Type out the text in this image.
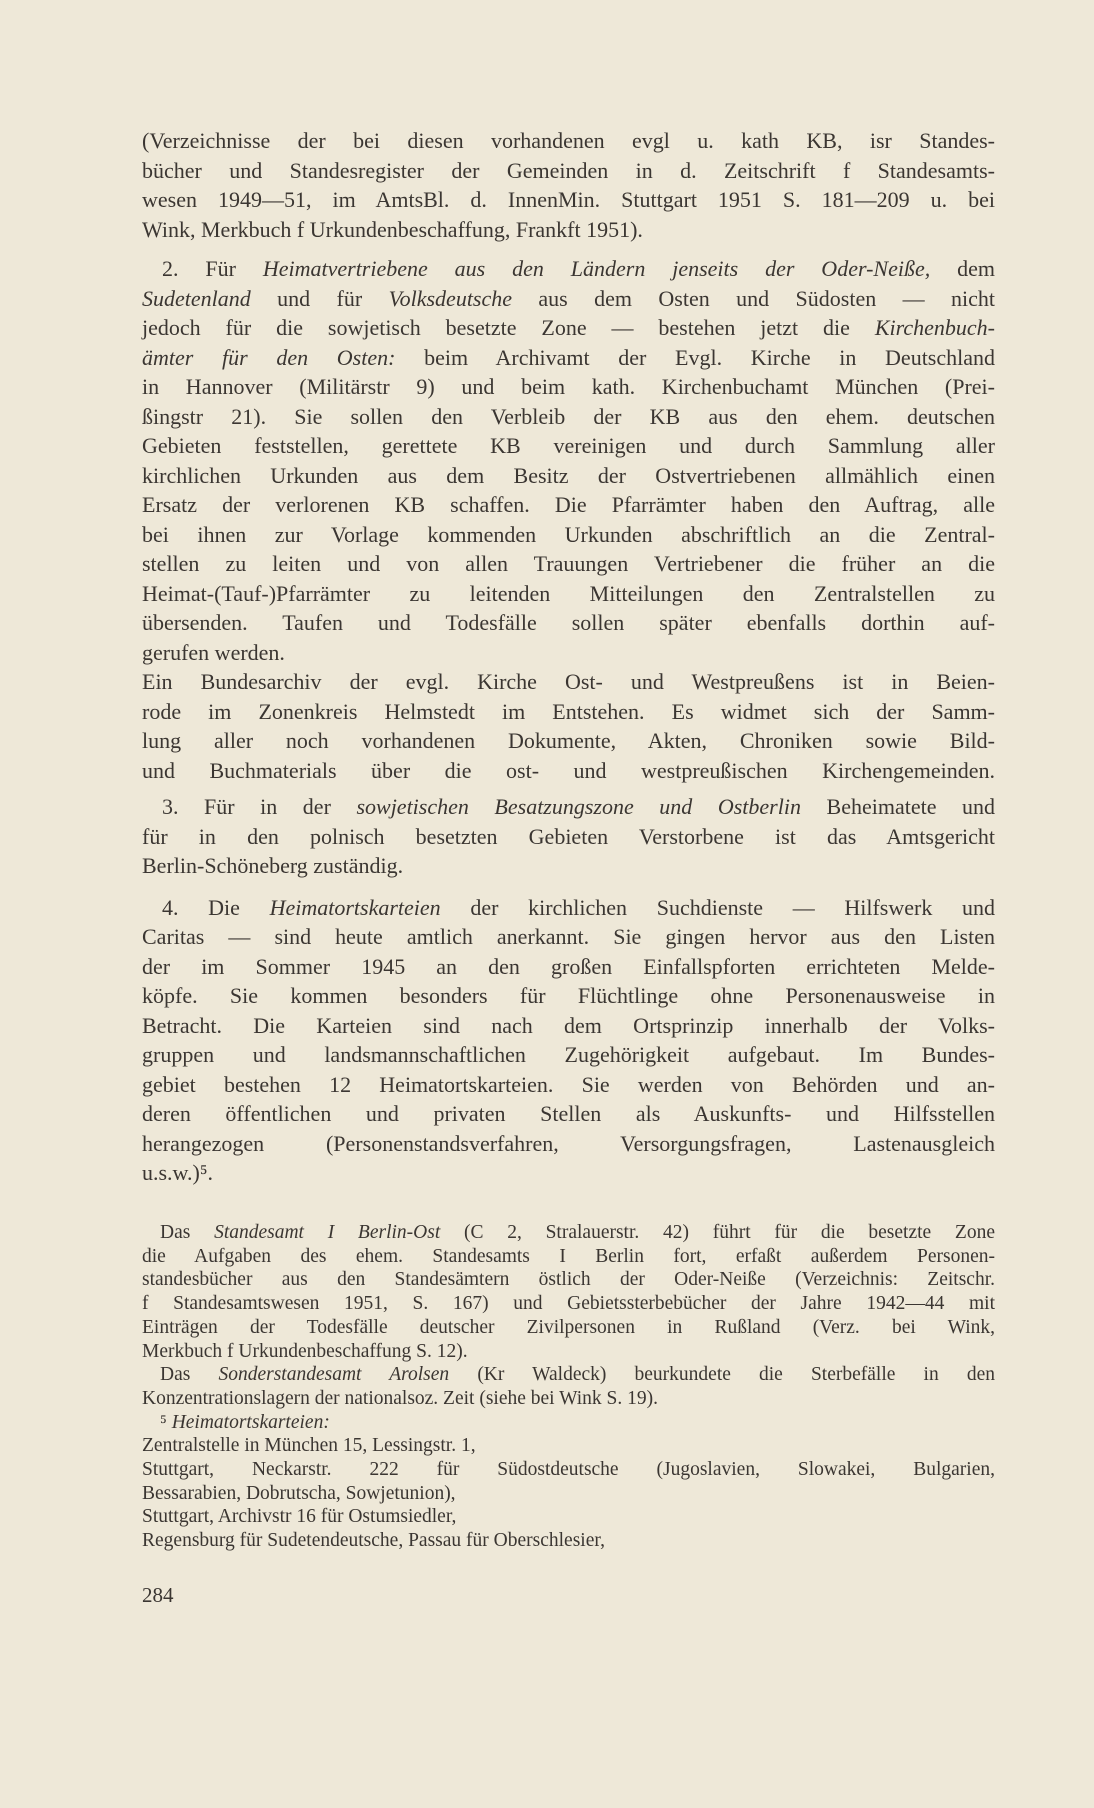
(Verzeichnisse der bei diesen vorhandenen evgl u. kath KB, isr Standes-
bücher und Standesregister der Gemeinden in d. Zeitschrift f Standesamts-
wesen 1949—51, im AmtsBl. d. InnenMin. Stuttgart 1951 S. 181—209 u. bei
Wink, Merkbuch f Urkundenbeschaffung, Frankft 1951).
2. Für Heimatvertriebene aus den Ländern jenseits der Oder-Neiße, dem
Sudetenland und für Volksdeutsche aus dem Osten und Südosten — nicht
jedoch für die sowjetisch besetzte Zone — bestehen jetzt die Kirchenbuch-
ämter für den Osten: beim Archivamt der Evgl. Kirche in Deutschland
in Hannover (Militärstr 9) und beim kath. Kirchenbuchamt München (Prei-
ßingstr 21). Sie sollen den Verbleib der KB aus den ehem. deutschen
Gebieten feststellen, gerettete KB vereinigen und durch Sammlung aller
kirchlichen Urkunden aus dem Besitz der Ostvertriebenen allmählich einen
Ersatz der verlorenen KB schaffen. Die Pfarrämter haben den Auftrag, alle
bei ihnen zur Vorlage kommenden Urkunden abschriftlich an die Zentral-
stellen zu leiten und von allen Trauungen Vertriebener die früher an die
Heimat-(Tauf-)Pfarrämter zu leitenden Mitteilungen den Zentralstellen zu
übersenden. Taufen und Todesfälle sollen später ebenfalls dorthin auf-
gerufen werden.
Ein Bundesarchiv der evgl. Kirche Ost- und Westpreußens ist in Beien-
rode im Zonenkreis Helmstedt im Entstehen. Es widmet sich der Samm-
lung aller noch vorhandenen Dokumente, Akten, Chroniken sowie Bild-
und Buchmaterials über die ost- und westpreußischen Kirchengemeinden.
3. Für in der sowjetischen Besatzungszone und Ostberlin Beheimatete und
für in den polnisch besetzten Gebieten Verstorbene ist das Amtsgericht
Berlin-Schöneberg zuständig.
4. Die Heimatortskarteien der kirchlichen Suchdienste — Hilfswerk und
Caritas — sind heute amtlich anerkannt. Sie gingen hervor aus den Listen
der im Sommer 1945 an den großen Einfallspforten errichteten Melde-
köpfe. Sie kommen besonders für Flüchtlinge ohne Personenausweise in
Betracht. Die Karteien sind nach dem Ortsprinzip innerhalb der Volks-
gruppen und landsmannschaftlichen Zugehörigkeit aufgebaut. Im Bundes-
gebiet bestehen 12 Heimatortskarteien. Sie werden von Behörden und an-
deren öffentlichen und privaten Stellen als Auskunfts- und Hilfsstellen
herangezogen (Personenstandsverfahren, Versorgungsfragen, Lastenausgleich
u.s.w.)⁵.
Das Standesamt I Berlin-Ost (C 2, Stralauerstr. 42) führt für die besetzte Zone
die Aufgaben des ehem. Standesamts I Berlin fort, erfaßt außerdem Personen-
standesbücher aus den Standesämtern östlich der Oder-Neiße (Verzeichnis: Zeitschr.
f Standesamtswesen 1951, S. 167) und Gebietssterbebücher der Jahre 1942—44 mit
Einträgen der Todesfälle deutscher Zivilpersonen in Rußland (Verz. bei Wink,
Merkbuch f Urkundenbeschaffung S. 12).
Das Sonderstandesamt Arolsen (Kr Waldeck) beurkundete die Sterbefälle in den
Konzentrationslagern der nationalsoz. Zeit (siehe bei Wink S. 19).
⁵ Heimatortskarteien:
Zentralstelle in München 15, Lessingstr. 1,
Stuttgart, Neckarstr. 222 für Südostdeutsche (Jugoslavien, Slowakei, Bulgarien,
Bessarabien, Dobrutscha, Sowjetunion),
Stuttgart, Archivstr 16 für Ostumsiedler,
Regensburg für Sudetendeutsche, Passau für Oberschlesier,
284
